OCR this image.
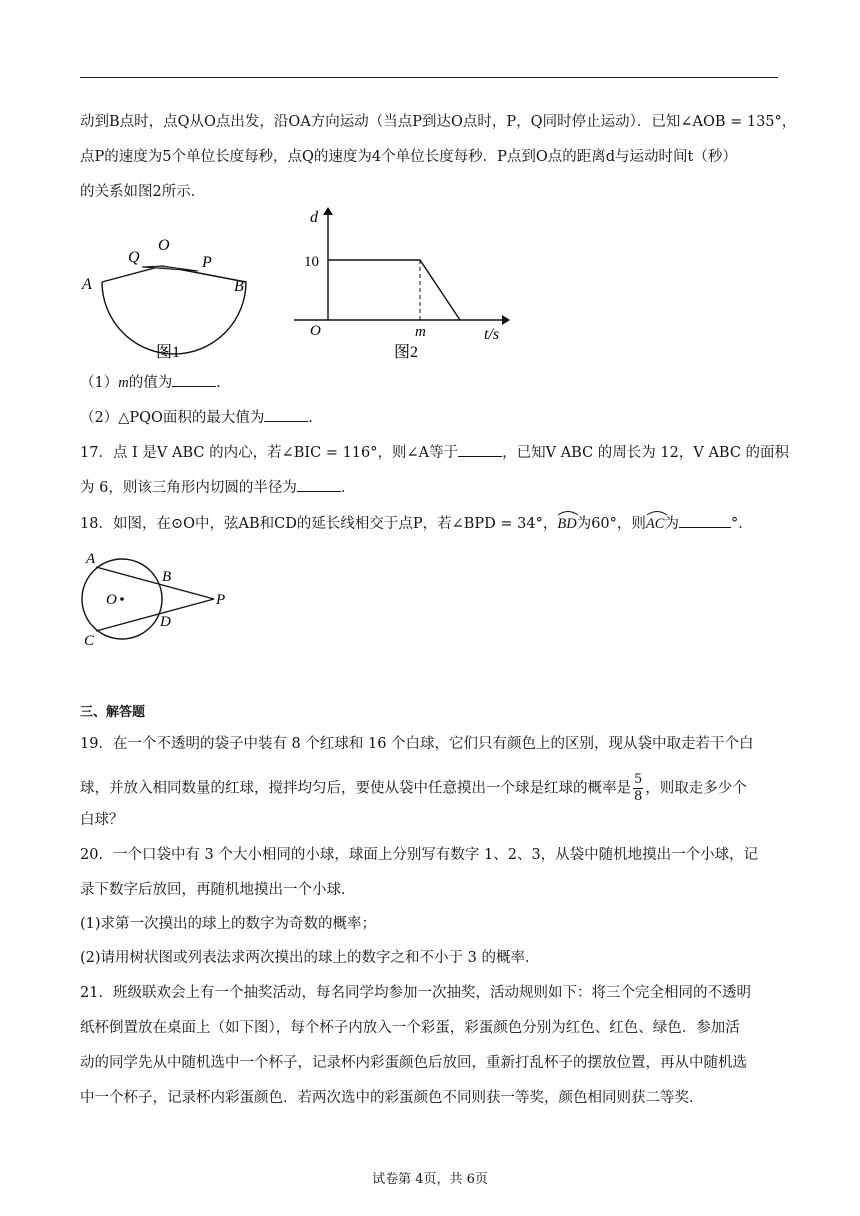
动到B点时，点Q从O点出发，沿OA方向运动（当点P到达O点时，P，Q同时停止运动）．已知∠AOB = 135°，
点P的速度为5个单位长度每秒，点Q的速度为4个单位长度每秒．P点到O点的距离d与运动时间t（秒）
的关系如图2所示．
Q
O
P
A	B
图1
d
10
O	m	t/s
图2
（1）m的值为	．
（2）△PQO面积的最大值为	．
17．点 I 是V ABC 的内心，若∠BIC = 116°，则∠A等于	，已知V ABC 的周长为 12，V ABC 的面积
为 6，则该三角形内切圆的半径为	．
18．如图，在⊙O中，弦AB和CD的延长线相交于点P，若∠BPD = 34°，
BD为60°，则
AC为	°．
A
B
O	P
C
D
三、解答题
19．在一个不透明的袋子中装有 8 个红球和 16 个白球，它们只有颜色上的区别，现从袋中取走若干个白
球，并放入相同数量的红球，搅拌均匀后，要使从袋中任意摸出一个球是红球的概率是 $\frac{5}{8}$ ，则取走多少个
白球？
20．一个口袋中有 3 个大小相同的小球，球面上分别写有数字 1、2、3，从袋中随机地摸出一个小球，记
录下数字后放回，再随机地摸出一个小球．
(1)求第一次摸出的球上的数字为奇数的概率；
(2)请用树状图或列表法求两次摸出的球上的数字之和不小于 3 的概率．
21．班级联欢会上有一个抽奖活动，每名同学均参加一次抽奖，活动规则如下：将三个完全相同的不透明
纸杯倒置放在桌面上（如下图），每个杯子内放入一个彩蛋，彩蛋颜色分别为红色、红色、绿色．参加活
动的同学先从中随机选中一个杯子，记录杯内彩蛋颜色后放回，重新打乱杯子的摆放位置，再从中随机选
中一个杯子，记录杯内彩蛋颜色．若两次选中的彩蛋颜色不同则获一等奖，颜色相同则获二等奖．
试卷第 4页，共 6页
